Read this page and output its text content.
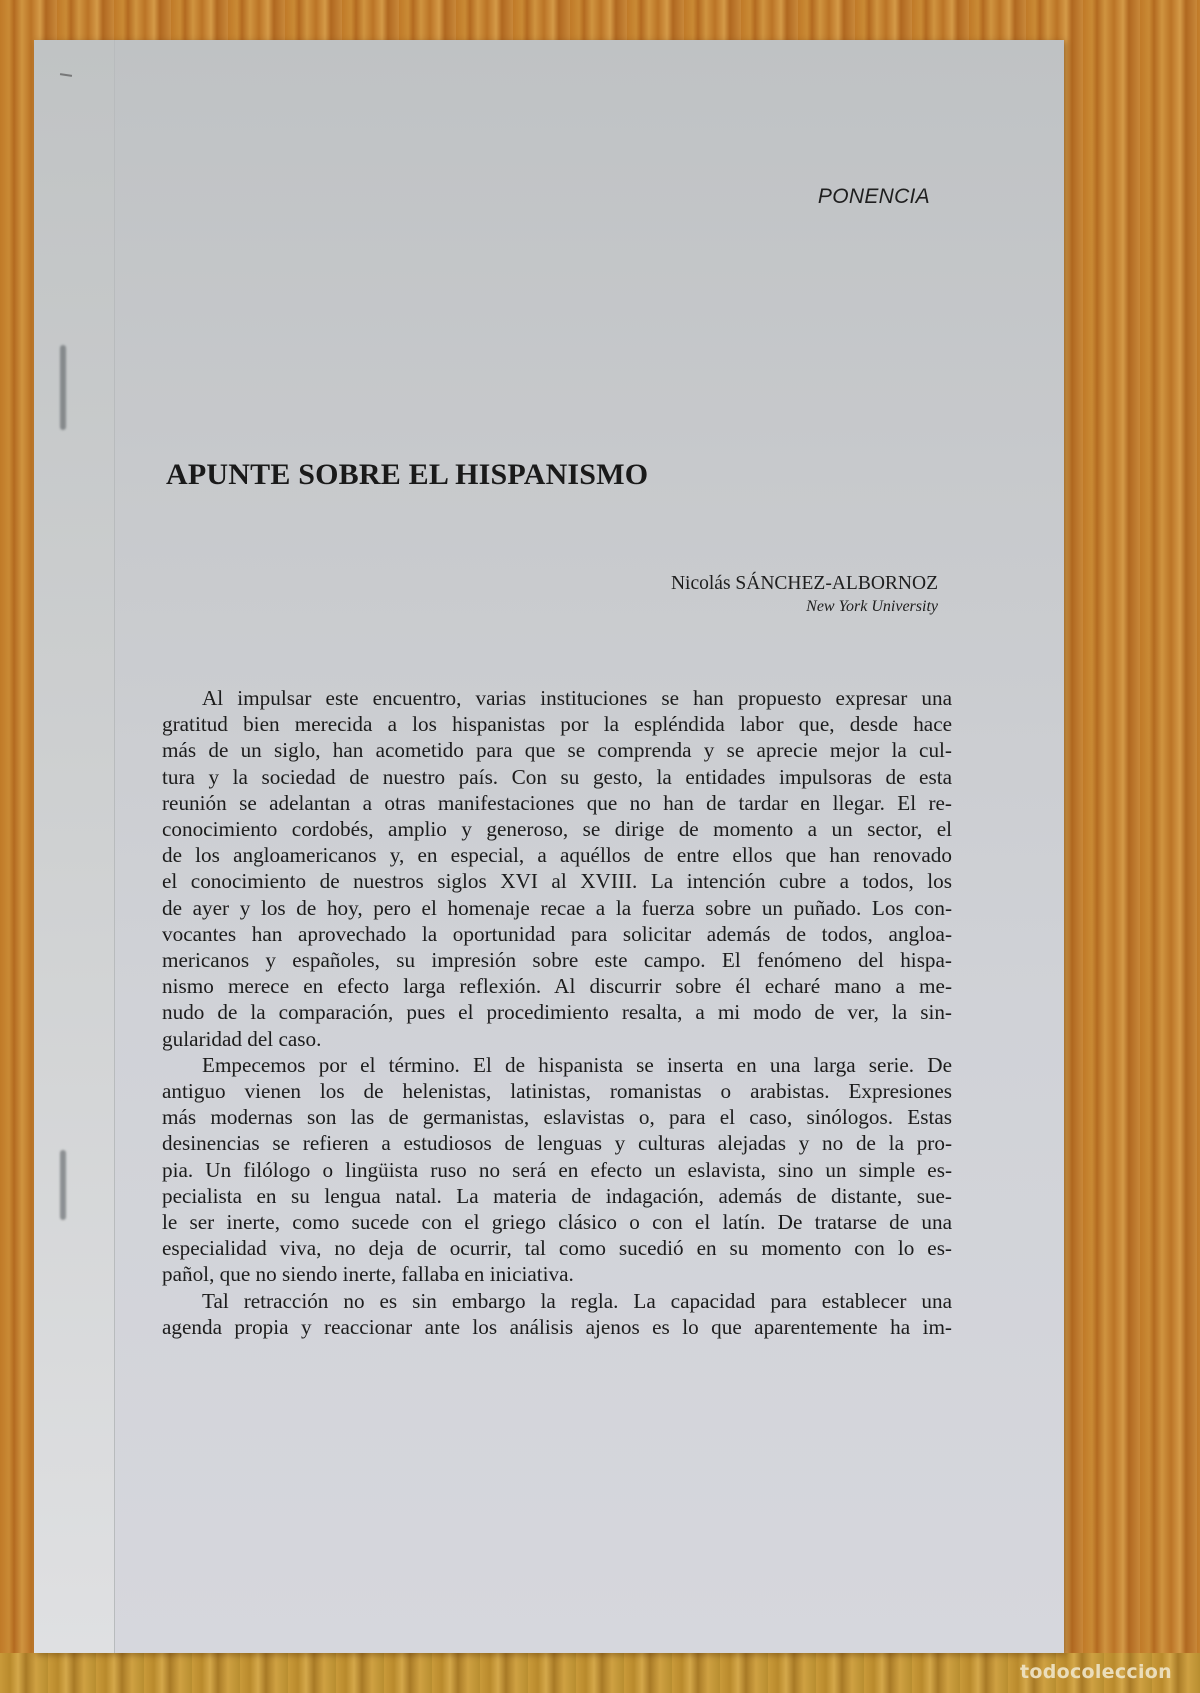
PONENCIA
APUNTE SOBRE EL HISPANISMO
Nicolás SÁNCHEZ-ALBORNOZ
New York University
Al impulsar este encuentro, varias instituciones se han propuesto expresar una
gratitud bien merecida a los hispanistas por la espléndida labor que, desde hace
más de un siglo, han acometido para que se comprenda y se aprecie mejor la cul-
tura y la sociedad de nuestro país. Con su gesto, la entidades impulsoras de esta
reunión se adelantan a otras manifestaciones que no han de tardar en llegar. El re-
conocimiento cordobés, amplio y generoso, se dirige de momento a un sector, el
de los angloamericanos y, en especial, a aquéllos de entre ellos que han renovado
el conocimiento de nuestros siglos XVI al XVIII. La intención cubre a todos, los
de ayer y los de hoy, pero el homenaje recae a la fuerza sobre un puñado. Los con-
vocantes han aprovechado la oportunidad para solicitar además de todos, angloa-
mericanos y españoles, su impresión sobre este campo. El fenómeno del hispa-
nismo merece en efecto larga reflexión. Al discurrir sobre él echaré mano a me-
nudo de la comparación, pues el procedimiento resalta, a mi modo de ver, la sin-
gularidad del caso.
Empecemos por el término. El de hispanista se inserta en una larga serie. De
antiguo vienen los de helenistas, latinistas, romanistas o arabistas. Expresiones
más modernas son las de germanistas, eslavistas o, para el caso, sinólogos. Estas
desinencias se refieren a estudiosos de lenguas y culturas alejadas y no de la pro-
pia. Un filólogo o lingüista ruso no será en efecto un eslavista, sino un simple es-
pecialista en su lengua natal. La materia de indagación, además de distante, sue-
le ser inerte, como sucede con el griego clásico o con el latín. De tratarse de una
especialidad viva, no deja de ocurrir, tal como sucedió en su momento con lo es-
pañol, que no siendo inerte, fallaba en iniciativa.
Tal retracción no es sin embargo la regla. La capacidad para establecer una
agenda propia y reaccionar ante los análisis ajenos es lo que aparentemente ha im-
todocoleccion
